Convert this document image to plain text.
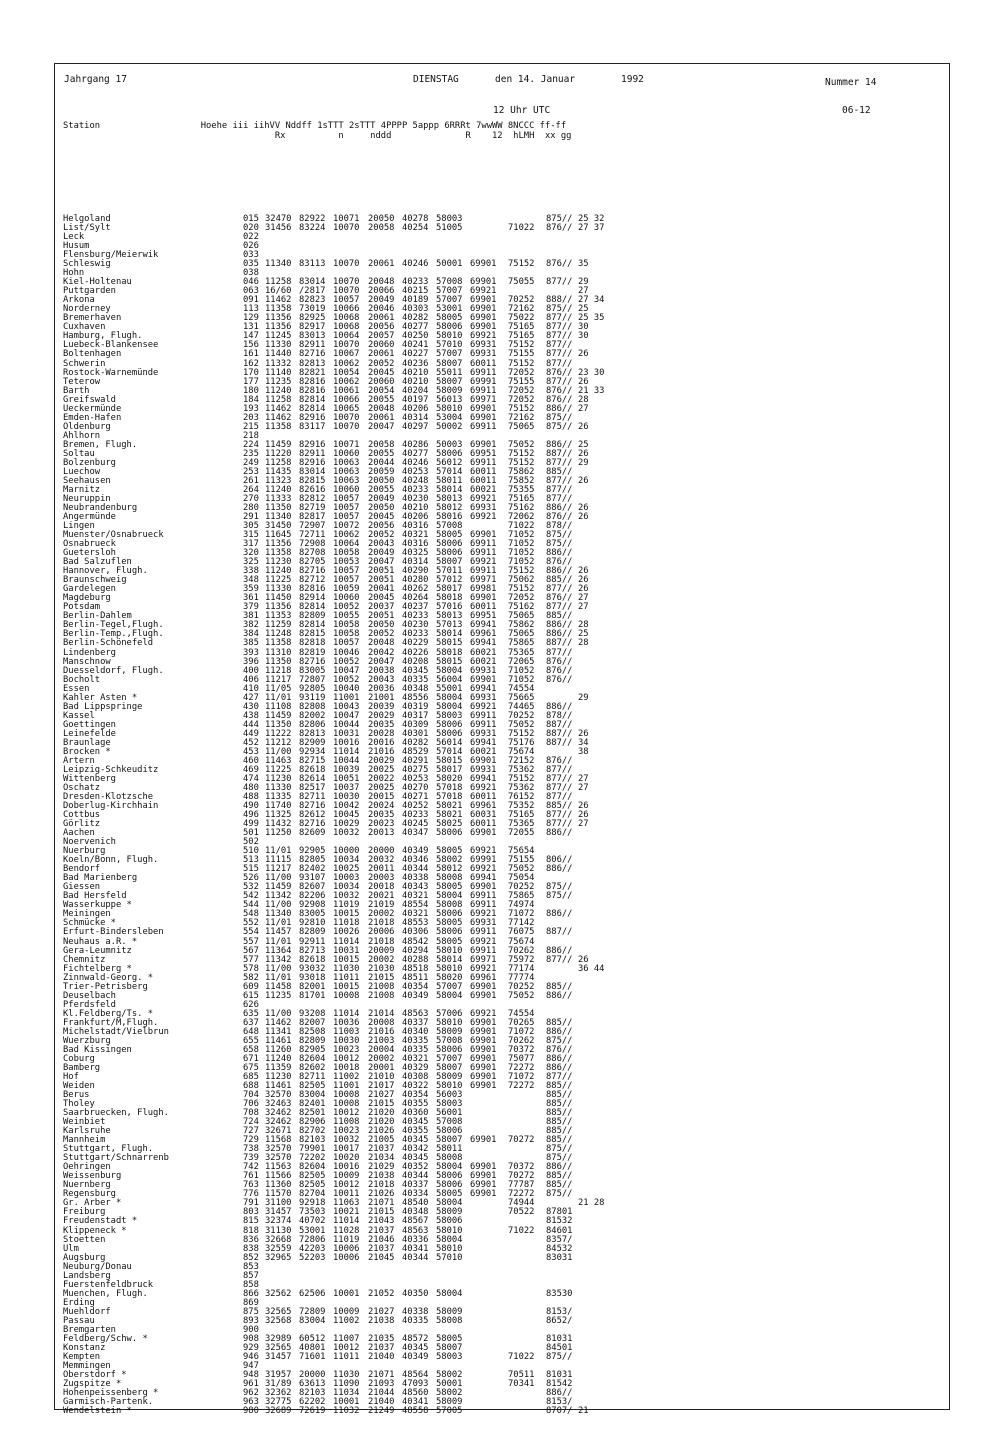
Jahrgang 17	DIENSTAG	den 14. Januar	1992	Nummer 14
12 Uhr UTC	06-12
Station                   Hoehe iii iihVV Nddff 1sTTT 2sTTT 4PPPP 5appp 6RRRt 7wwWW 8NCCC ff-ff
Rx          n     nddd              R    12  hLMH  xx gg
Helgoland	015 32470 82922 10071 20050 40278 58003	875// 25 32
List/Sylt	020 31456 83224 10070 20058 40254 51005	71022 876// 27 37
Leck	022
Husum	026
Flensburg/Meierwik	033
Schleswig	035 11340 83113 10070 20061 40246 50001 69901 75152 876// 35
Hohn	038
Kiel-Holtenau	046 11258 83014 10070 20048 40233 57008 69901 75055 877// 29
Puttgarden	063 16/60 /2817 10070 20066 40215 57007 69921	27
Arkona	091 11462 82823 10057 20049 40189 57007 69901 70252 888// 27 34
Norderney	113 11358 73019 10066 20046 40303 53001 69901 72162 875// 25
Bremerhaven	129 11356 82925 10068 20061 40282 58005 69901 75022 877// 25 35
Cuxhaven	131 11356 82917 10068 20056 40277 58006 69901 75165 877// 30
Hamburg, Flugh.	147 11245 83013 10064 20057 40250 58010 69921 75165 877// 30
Luebeck-Blankensee	156 11330 82911 10070 20060 40241 57010 69931 75152 877//
Boltenhagen	161 11440 82716 10067 20061 40227 57007 69931 75155 877// 26
Schwerin	162 11332 82813 10062 20052 40236 58007 60011 75152 877//
Rostock-Warnemünde	170 11140 82821 10054 20045 40210 55011 69911 72052 876// 23 30
Teterow	177 11235 82816 10062 20060 40210 58007 69991 75155 877// 26
Barth	180 11240 82816 10061 20054 40204 58009 69911 72052 876// 21 33
Greifswald	184 11258 82814 10066 20055 40197 56013 69971 72052 876// 28
Ueckermünde	193 11462 82814 10065 20048 40206 58010 69901 75152 886// 27
Emden-Hafen	203 11462 82916 10070 20061 40314 53004 69901 72162 875//
Oldenburg	215 11358 83117 10070 20047 40297 50002 69911 75065 875// 26
Ahlhorn	218
Bremen, Flugh.	224 11459 82916 10071 20058 40286 50003 69901 75052 886// 25
Soltau	235 11220 82911 10060 20055 40277 58006 69951 75152 887// 26
Bolzenburg	249 11258 82916 10063 20044 40246 56012 69911 75152 877// 29
Luechow	253 11435 83014 10063 20059 40253 57014 60011 75862 885//
Seehausen	261 11323 82815 10063 20050 40248 58011 60011 75852 877// 26
Marnitz	264 11240 82616 10060 20055 40233 58014 60021 75355 877//
Neuruppin	270 11333 82812 10057 20049 40230 58013 69921 75165 877//
Neubrandenburg	280 11350 82719 10057 20050 40210 58012 69931 75162 886// 26
Angermünde	291 11340 82817 10057 20045 40206 58016 69921 72062 876// 26
Lingen	305 31450 72907 10072 20056 40316 57008	71022 878//
Muenster/Osnabrueck	315 11645 72711 10062 20052 40321 58005 69901 71052 875//
Osnabrueck	317 11356 72908 10064 20043 40316 58006 69911 71052 875//
Guetersloh	320 11358 82708 10058 20049 40325 58006 69911 71052 886//
Bad Salzuflen	325 11230 82705 10053 20047 40314 58007 69921 71052 876//
Hannover, Flugh.	338 11240 82716 10057 20051 40290 57011 69911 75152 886// 26
Braunschweig	348 11225 82712 10057 20051 40280 57012 69971 75062 885// 26
Gardelegen	359 11330 82816 10059 20041 40262 58017 69981 75152 877// 26
Magdeburg	361 11450 82914 10060 20045 40264 58018 69901 72052 876// 27
Potsdam	379 11356 82814 10052 20037 40237 57016 60011 75162 877// 27
Berlin-Dahlem	381 11353 82809 10055 20051 40233 58013 69951 75065 885//
Berlin-Tegel,Flugh.	382 11259 82814 10058 20050 40230 57013 69941 75862 886// 28
Berlin-Temp.,Flugh.	384 11248 82815 10058 20052 40233 58014 69961 75065 886// 25
Berlin-Schönefeld	385 11358 82818 10057 20048 40229 58015 69941 75865 887// 28
Lindenberg	393 11310 82819 10046 20042 40226 58018 60021 75365 877//
Manschnow	396 11350 82716 10052 20047 40208 58015 60021 72065 876//
Duesseldorf, Flugh.	400 11218 83005 10047 20038 40345 58004 69931 71052 876//
Bocholt	406 11217 72807 10052 20043 40335 56004 69901 71052 876//
Essen	410 11/05 92805 10040 20036 40348 55001 69941 74554
Kahler Asten *	427 11/01 93119 11001 21001 48556 58004 69931 75665	29
Bad Lippspringe	430 11108 82808 10043 20039 40319 58004 69921 74465 886//
Kassel	438 11459 82002 10047 20029 40317 58003 69911 70252 878//
Goettingen	444 11350 82806 10044 20035 40309 58006 69911 75052 887//
Leinefelde	449 11222 82813 10031 20028 40301 58006 69931 75152 887// 26
Braunlage	452 11212 82909 10016 20016 40282 56014 69941 75176 887// 34
Brocken *	453 11/00 92934 11014 21016 48529 57014 60021 75674	38
Artern	460 11463 82715 10044 20029 40291 58015 69901 72152 876//
Leipzig-Schkeuditz	469 11225 82618 10039 20025 40275 58017 69931 75362 877//
Wittenberg	474 11230 82614 10051 20022 40253 58020 69941 75152 877// 27
Oschatz	480 11330 82517 10037 20025 40270 57018 69921 75362 877// 27
Dresden-Klotzsche	488 11335 82711 10030 20015 40271 57018 60011 76152 877//
Doberlug-Kirchhain	490 11740 82716 10042 20024 40252 58021 69961 75352 885// 26
Cottbus	496 11325 82612 10045 20035 40233 58021 60031 75165 877// 26
Görlitz	499 11432 82716 10029 20023 40245 58025 60011 75365 877// 27
Aachen	501 11250 82609 10032 20013 40347 58006 69901 72055 886//
Noervenich	502
Nuerburg	510 11/01 92905 10000 20000 40349 58005 69921 75654
Koeln/Bonn, Flugh.	513 11115 82805 10034 20032 40346 58002 69991 75155 806//
Bendorf	515 11217 82402 10025 20011 40344 58012 69921 75052 886//
Bad Marienberg	526 11/00 93107 10003 20003 40338 58008 69941 75054
Giessen	532 11459 82607 10034 20018 40343 58005 69901 70252 875//
Bad Hersfeld	542 11342 82206 10032 20021 40321 58004 69911 75865 875//
Wasserkuppe *	544 11/00 92908 11019 21019 48554 58008 69911 74974
Meiningen	548 11340 83005 10015 20002 40321 58006 69921 71072 886//
Schmücke *	552 11/01 92810 11018 21018 48553 58005 69931 77142
Erfurt-Bindersleben	554 11457 82809 10026 20006 40306 58006 69911 76075 887//
Neuhaus a.R. *	557 11/01 92911 11014 21018 48542 58005 69921 75674
Gera-Leumnitz	567 11364 82713 10031 20009 40294 58010 69911 70262 886//
Chemnitz	577 11342 82618 10015 20002 40288 58014 69971 75972 877// 26
Fichtelberg *	578 11/00 93032 11030 21030 48518 58010 69921 77174	36 44
Zinnwald-Georg. *	582 11/01 93018 11011 21015 48511 58020 69961 77774
Trier-Petrisberg	609 11458 82001 10015 21008 40354 57007 69901 70252 885//
Deuselbach	615 11235 81701 10008 21008 40349 58004 69901 75052 886//
Pferdsfeld	626
Kl.Feldberg/Ts. *	635 11/00 93208 11014 21014 48563 57006 69921 74554
Frankfurt/M,Flugh.	637 11462 82007 10036 20008 40337 58010 69901 70265 885//
Michelstadt/Vielbrun	648 11341 82508 11003 21016 40340 58009 69901 71072 886//
Wuerzburg	655 11461 82809 10030 21003 40335 57008 69901 70262 875//
Bad Kissingen	658 11260 82905 10023 20004 40335 58006 69901 70372 876//
Coburg	671 11240 82604 10012 20002 40321 57007 69901 75077 886//
Bamberg	675 11359 82602 10018 20001 40329 58007 69901 72272 886//
Hof	685 11230 82711 11002 21010 40308 58009 69901 71072 877//
Weiden	688 11461 82505 11001 21017 40322 58010 69901 72272 885//
Berus	704 32570 83004 10008 21027 40354 56003	885//
Tholey	706 32463 82401 10008 21015 40355 58003	885//
Saarbruecken, Flugh.	708 32462 82501 10012 21020 40360 56001	885//
Weinbiet	724 32462 82906 11008 21020 40345 57008	885//
Karlsruhe	727 32671 82702 10023 21026 40355 58006	885//
Mannheim	729 11568 82103 10032 21005 40345 58007 69901 70272 885//
Stuttgart, Flugh.	738 32570 79901 10017 21037 40342 58011	875//
Stuttgart/Schnarrenb	739 32570 72202 10020 21034 40345 58008	875//
Oehringen	742 11563 82604 10016 21029 40352 58004 69901 70372 886//
Weissenburg	761 11566 82505 10009 21038 40344 58006 69901 70272 885//
Nuernberg	763 11360 82505 10012 21018 40337 58006 69901 77787 885//
Regensburg	776 11570 82704 10011 21026 40334 58005 69901 72272 875//
Gr. Arber *	791 31100 92918 11063 21071 48540 58004	74944	21 28
Freiburg	803 31457 73503 10021 21015 40348 58009	70522 87801
Freudenstadt *	815 32374 40702 11014 21043 48567 58006	81532
Klippeneck *	818 31130 53001 11028 21037 48563 58010	71022 84601
Stoetten	836 32668 72806 11019 21046 40336 58004	8357/
Ulm	838 32559 42203 10006 21037 40341 58010	84532
Augsburg	852 32965 52203 10006 21045 40344 57010	83031
Neuburg/Donau	853
Landsberg	857
Fuerstenfeldbruck	858
Muenchen, Flugh.	866 32562 62506 10001 21052 40350 58004	83530
Erding	869
Muehldorf	875 32565 72809 10009 21027 40338 58009	8153/
Passau	893 32568 83004 11002 21038 40335 58008	8652/
Bremgarten	900
Feldberg/Schw. *	908 32989 60512 11007 21035 48572 58005	81031
Konstanz	929 32565 40801 10012 21037 40345 58007	84501
Kempten	946 31457 71601 11011 21040 40349 58003	71022 875//
Memmingen	947
Oberstdorf *	948 31957 20000 11030 21071 48564 58002	70511 81031
Zugspitze *	961 31/89 63613 11090 21093 47093 50001	70341 81542
Hohenpeissenberg *	962 32362 82103 11034 21044 48560 58002	886//
Garmisch-Partenk.	963 32775 62202 10001 21040 40341 58009	8153/
Wendelstein *	980 32689 72619 11032 21249 48558 57005	8707/ 21
